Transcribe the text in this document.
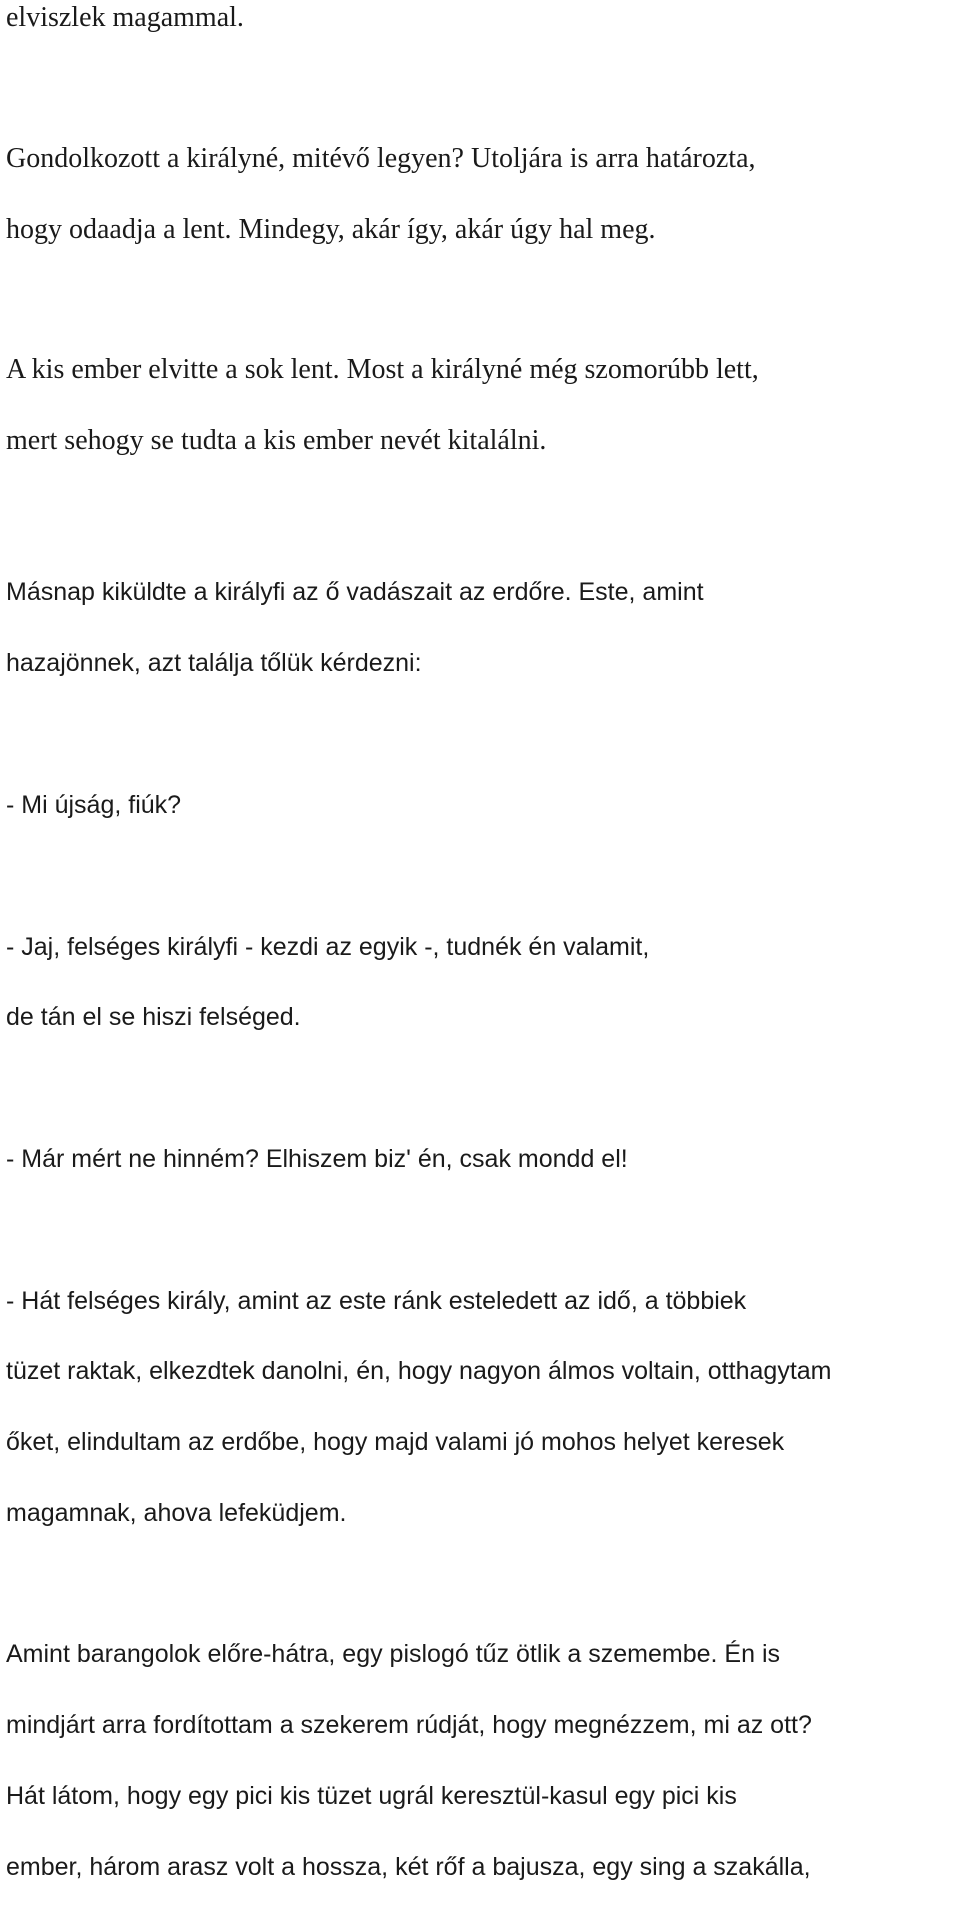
elviszlek magammal.

Gondolkozott a királyné, mitévő legyen? Utoljára is arra határozta,

hogy odaadja a lent. Mindegy, akár így, akár úgy hal meg.

A kis ember elvitte a sok lent. Most a királyné még szomorúbb lett,

mert sehogy se tudta a kis ember nevét kitalálni.

Másnap kiküldte a királyfi az ő vadászait az erdőre. Este, amint

hazajönnek, azt találja tőlük kérdezni:

- Mi újság, fiúk?

- Jaj, felséges királyfi - kezdi az egyik -, tudnék én valamit,

de tán el se hiszi felséged.

- Már mért ne hinném? Elhiszem biz' én, csak mondd el!

- Hát felséges király, amint az este ránk esteledett az idő, a többiek

tüzet raktak, elkezdtek danolni, én, hogy nagyon álmos voltain, otthagytam

őket, elindultam az erdőbe, hogy majd valami jó mohos helyet keresek

magamnak, ahova lefeküdjem.

Amint barangolok előre-hátra, egy pislogó tűz ötlik a szemembe. Én is

mindjárt arra fordítottam a szekerem rúdját, hogy megnézzem, mi az ott?

Hát látom, hogy egy pici kis tüzet ugrál keresztül-kasul egy pici kis

ember, három arasz volt a hossza, két rőf a bajusza, egy sing a szakálla,
